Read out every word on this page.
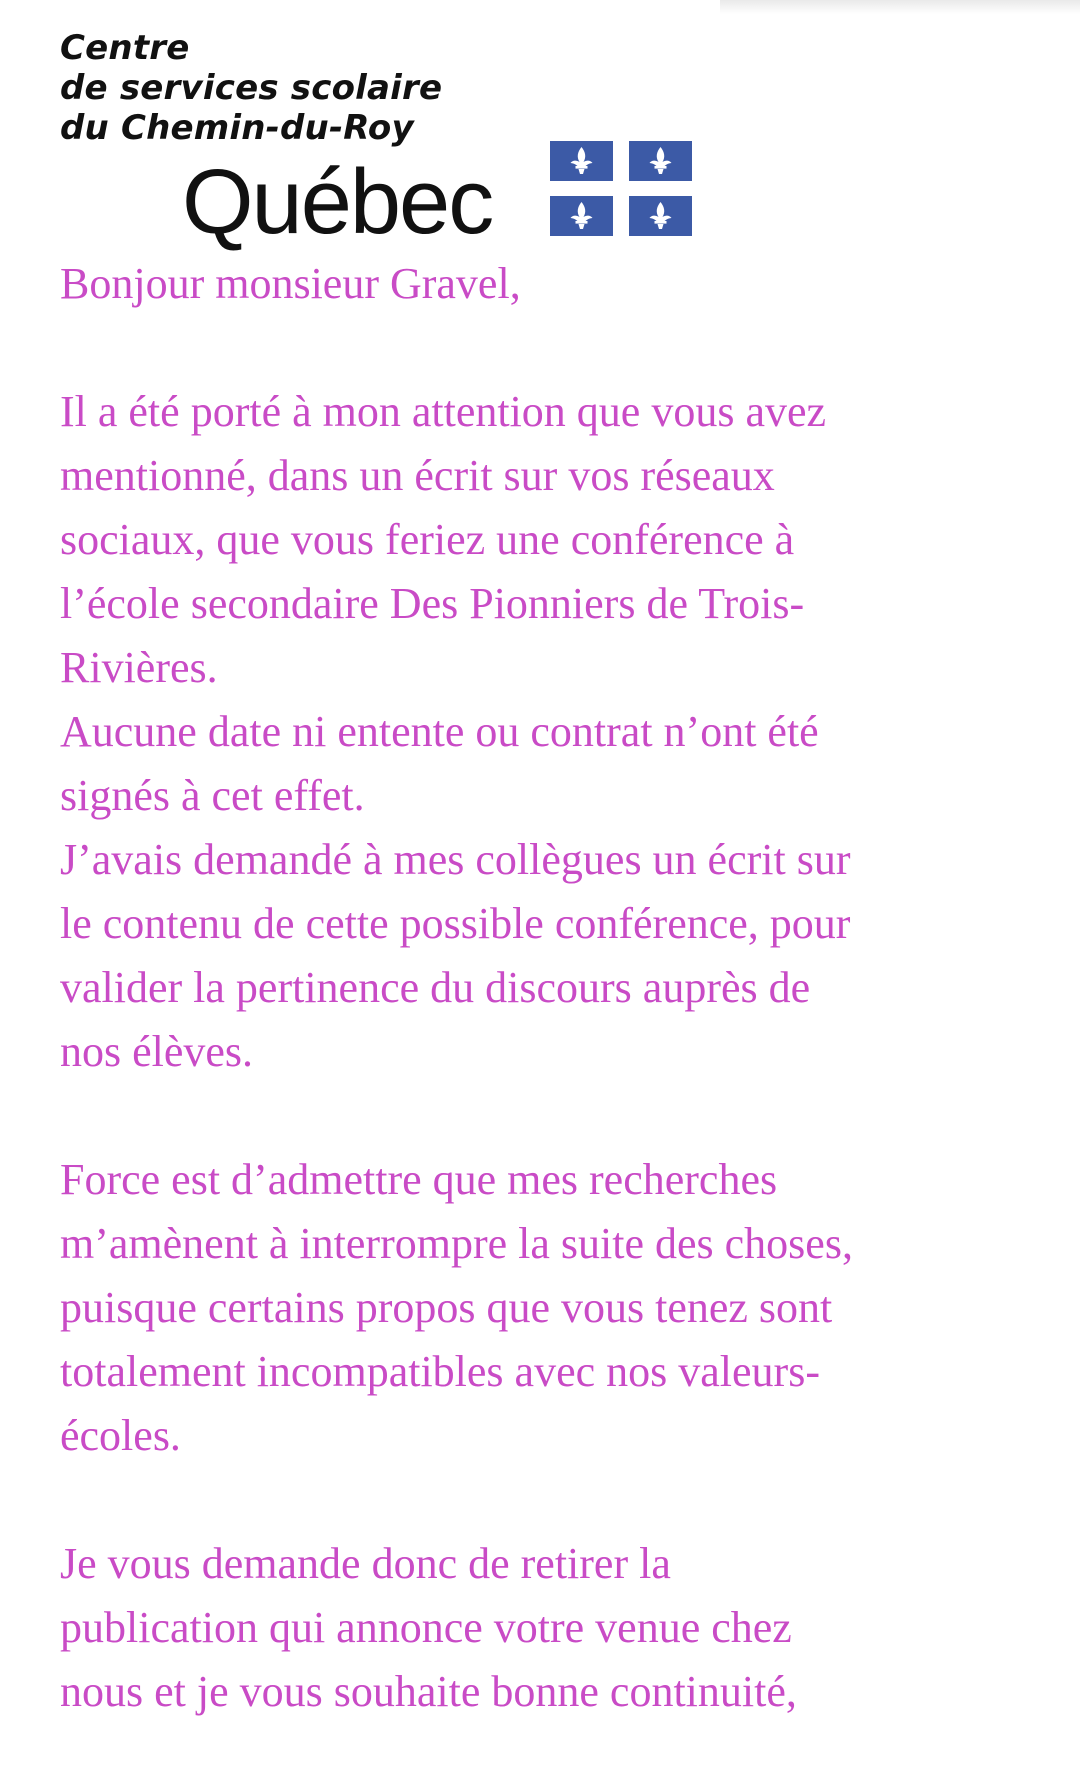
Centre
de services scolaire
du Chemin-du-Roy
Québec
Bonjour monsieur Gravel,
Il a été porté à mon attention que vous avez
mentionné, dans un écrit sur vos réseaux
sociaux, que vous feriez une conférence à
l’école secondaire Des Pionniers de Trois-
Rivières.
Aucune date ni entente ou contrat n’ont été
signés à cet effet.
J’avais demandé à mes collègues un écrit sur
le contenu de cette possible conférence, pour
valider la pertinence du discours auprès de
nos élèves.
Force est d’admettre que mes recherches
m’amènent à interrompre la suite des choses,
puisque certains propos que vous tenez sont
totalement incompatibles avec nos valeurs-
écoles.
Je vous demande donc de retirer la
publication qui annonce votre venue chez
nous et je vous souhaite bonne continuité,
